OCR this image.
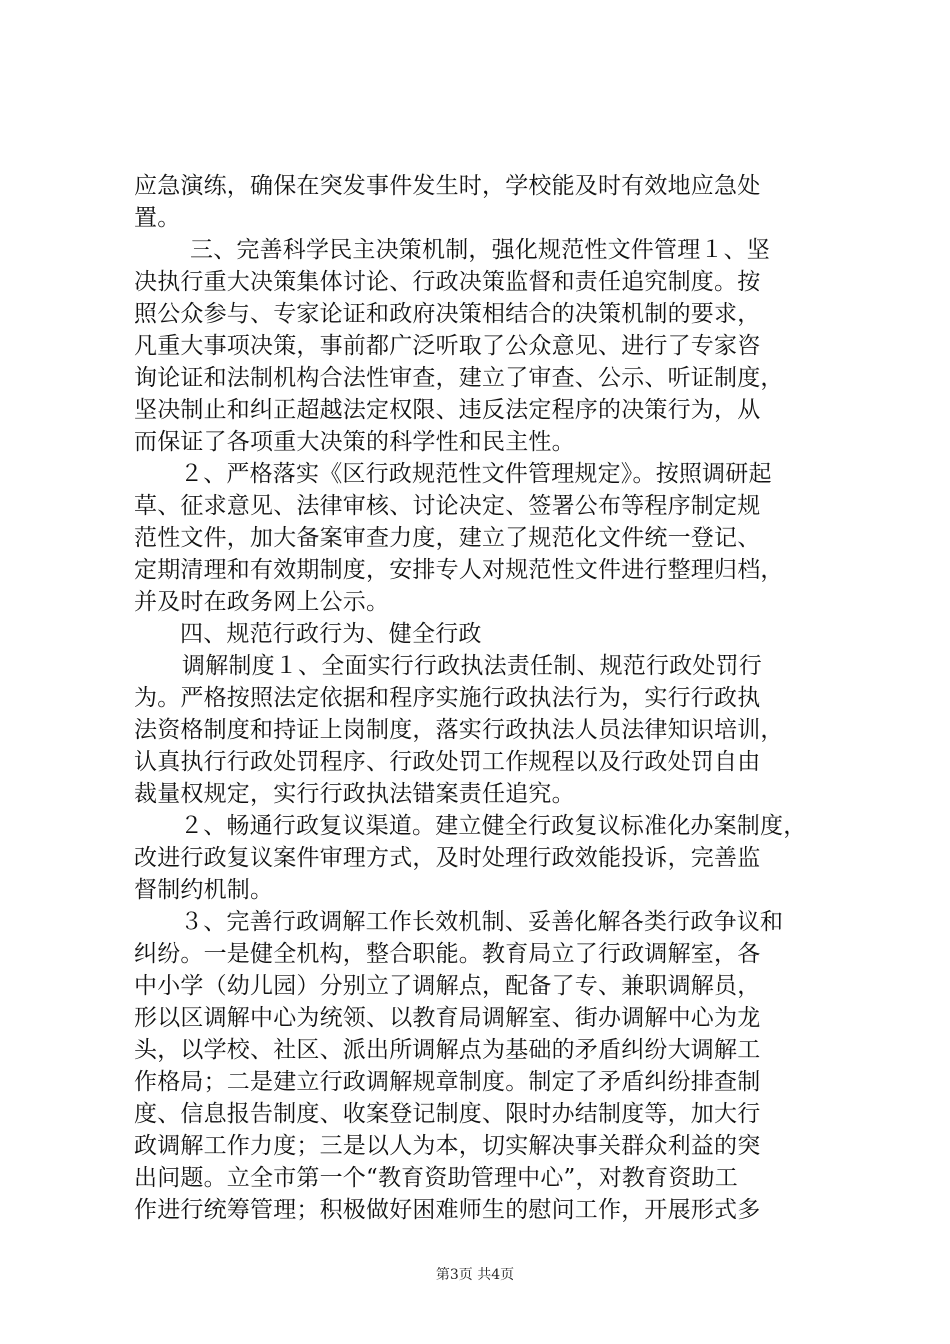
应急演练，确保在突发事件发生时，学校能及时有效地应急处
置。
三、完善科学民主决策机制，强化规范性文件管理１、坚
决执行重大决策集体讨论、行政决策监督和责任追究制度。按
照公众参与、专家论证和政府决策相结合的决策机制的要求，
凡重大事项决策，事前都广泛听取了公众意见、进行了专家咨
询论证和法制机构合法性审查，建立了审查、公示、听证制度，
坚决制止和纠正超越法定权限、违反法定程序的决策行为，从
而保证了各项重大决策的科学性和民主性。
２、严格落实《区行政规范性文件管理规定》。按照调研起
草、征求意见、法律审核、讨论决定、签署公布等程序制定规
范性文件，加大备案审查力度，建立了规范化文件统一登记、
定期清理和有效期制度，安排专人对规范性文件进行整理归档，
并及时在政务网上公示。
四、规范行政行为、健全行政
调解制度１、全面实行行政执法责任制、规范行政处罚行
为。严格按照法定依据和程序实施行政执法行为，实行行政执
法资格制度和持证上岗制度，落实行政执法人员法律知识培训，
认真执行行政处罚程序、行政处罚工作规程以及行政处罚自由
裁量权规定，实行行政执法错案责任追究。
２、畅通行政复议渠道。建立健全行政复议标准化办案制度，
改进行政复议案件审理方式，及时处理行政效能投诉，完善监
督制约机制。
３、完善行政调解工作长效机制、妥善化解各类行政争议和
纠纷。一是健全机构，整合职能。教育局立了行政调解室，各
中小学（幼儿园）分别立了调解点，配备了专、兼职调解员，
形以区调解中心为统领、以教育局调解室、街办调解中心为龙
头，以学校、社区、派出所调解点为基础的矛盾纠纷大调解工
作格局；二是建立行政调解规章制度。制定了矛盾纠纷排查制
度、信息报告制度、收案登记制度、限时办结制度等，加大行
政调解工作力度；三是以人为本，切实解决事关群众利益的突
出问题。立全市第一个“教育资助管理中心”，对教育资助工
作进行统筹管理；积极做好困难师生的慰问工作，开展形式多
第3页 共4页
